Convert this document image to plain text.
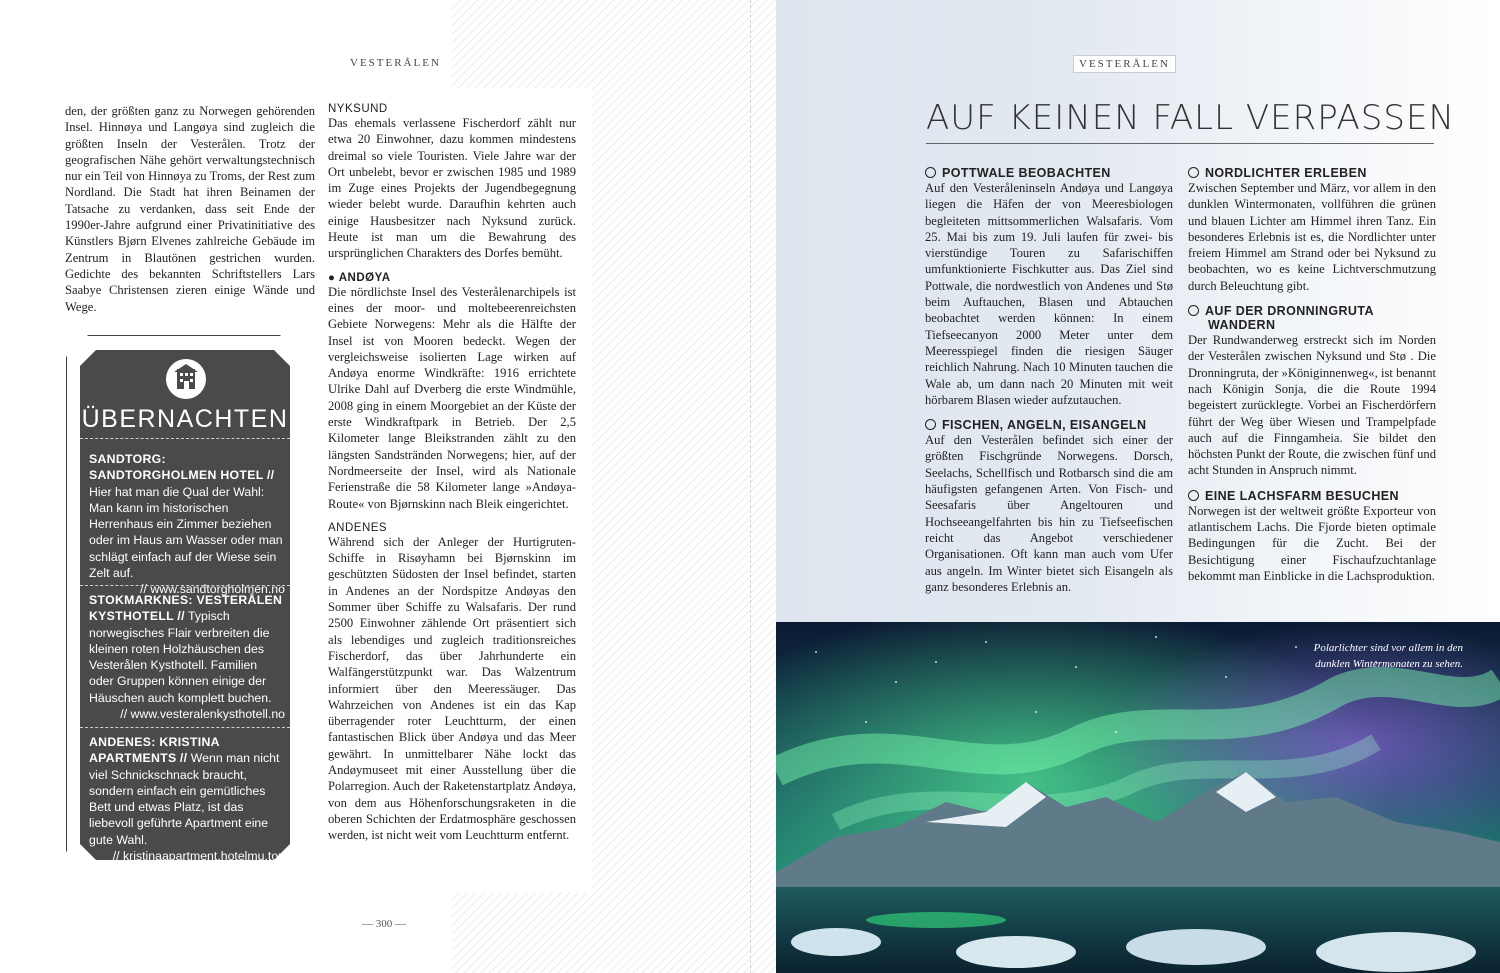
VESTERÅLEN

den, der größten ganz zu Norwegen gehörenden Insel. Hinnøya und Langøya sind zugleich die größten Inseln der Vesterålen. Trotz der geografischen Nähe gehört verwaltungstechnisch nur ein Teil von Hinnøya zu Troms, der Rest zum Nordland. Die Stadt hat ihren Beinamen der Tatsache zu verdanken, dass seit Ende der 1990er-Jahre aufgrund einer Privatinitiative des Künstlers Bjørn Elvenes zahlreiche Gebäude im Zentrum in Blautönen gestrichen wurden. Gedichte des bekannten Schriftstellers Lars Saabye Christensen zieren einige Wände und Wege.

NYKSUND

Das ehemals verlassene Fischerdorf zählt nur etwa 20 Einwohner, dazu kommen mindestens dreimal so viele Touristen. Viele Jahre war der Ort unbelebt, bevor er zwischen 1985 und 1989 im Zuge eines Projekts der Jugendbegegnung wieder belebt wurde. Daraufhin kehrten auch einige Hausbesitzer nach Nyksund zurück. Heute ist man um die Bewahrung des ursprünglichen Charakters des Dorfes bemüht.

● ANDØYA

Die nördlichste Insel des Vesterålenarchipels ist eines der moor- und moltebeerenreichsten Gebiete Norwegens: Mehr als die Hälfte der Insel ist von Mooren bedeckt. Wegen der vergleichsweise isolierten Lage wirken auf Andøya enorme Windkräfte: 1916 errichtete Ulrike Dahl auf Dverberg die erste Windmühle, 2008 ging in einem Moorgebiet an der Küste der erste Windkraftpark in Betrieb. Der 2,5 Kilometer lange Bleikstranden zählt zu den längsten Sandstränden Norwegens; hier, auf der Nordmeerseite der Insel, wird als Nationale Ferienstraße die 58 Kilometer lange »Andøya-Route« von Bjørnskinn nach Bleik eingerichtet.

ANDENES

Während sich der Anleger der Hurtigruten-Schiffe in Risøyhamn bei Bjørnskinn im geschützten Südosten der Insel befindet, starten in Andenes an der Nordspitze Andøyas den Sommer über Schiffe zu Walsafaris. Der rund 2500 Einwohner zählende Ort präsentiert sich als lebendiges und zugleich traditionsreiches Fischerdorf, das über Jahrhunderte ein Walfängerstützpunkt war. Das Walzentrum informiert über den Meeressäuger. Das Wahrzeichen von Andenes ist ein das Kap überragender roter Leuchtturm, der einen fantastischen Blick über Andøya und das Meer gewährt. In unmittelbarer Nähe lockt das Andøymuseet mit einer Ausstellung über die Polarregion. Auch der Raketenstartplatz Andøya, von dem aus Höhenforschungsraketen in die oberen Schichten der Erdatmosphäre geschossen werden, ist nicht weit vom Leuchtturm entfernt.

ÜBERNACHTEN
SANDTORG: SANDTORGHOLMEN HOTEL // Hier hat man die Qual der Wahl: Man kann im historischen Herrenhaus ein Zimmer beziehen oder im Haus am Wasser oder man schlägt einfach auf der Wiese sein Zelt auf.
// www.sandtorgholmen.no
STOKMARKNES: VESTERÅLEN KYSTHOTELL // Typisch norwegisches Flair verbreiten die kleinen roten Holzhäuschen des Vesterålen Kysthotell. Familien oder Gruppen können einige der Häuschen auch komplett buchen.
// www.vesteralenkysthotell.no
ANDENES: KRISTINA APARTMENTS // Wenn man nicht viel Schnickschnack braucht, sondern einfach ein gemütliches Bett und etwas Platz, ist das liebevoll geführte Apartment eine gute Wahl.
// kristinaapartment.hotelmu.top
— 300 —
VESTERÅLEN
AUF KEINEN FALL VERPASSEN

POTTWALE BEOBACHTEN

Auf den Vesteråleninseln Andøya und Langøya liegen die Häfen der von Meeresbiologen begleiteten mittsommerlichen Walsafaris. Vom 25. Mai bis zum 19. Juli laufen für zwei- bis vierstündige Touren zu Safarischiffen umfunktionierte Fischkutter aus. Das Ziel sind Pottwale, die nordwestlich von Andenes und Stø beim Auftauchen, Blasen und Abtauchen beobachtet werden können: In einem Tiefseecanyon 2000 Meter unter dem Meeresspiegel finden die riesigen Säuger reichlich Nahrung. Nach 10 Minuten tauchen die Wale ab, um dann nach 20 Minuten mit weit hörbarem Blasen wieder aufzutauchen.

FISCHEN, ANGELN, EISANGELN

Auf den Vesterålen befindet sich einer der größten Fischgründe Norwegens. Dorsch, Seelachs, Schellfisch und Rotbarsch sind die am häufigsten gefangenen Arten. Von Fisch- und Seesafaris über Angeltouren und Hochseeangelfahrten bis hin zu Tiefseefischen reicht das Angebot verschiedener Organisationen. Oft kann man auch vom Ufer aus angeln. Im Winter bietet sich Eisangeln als ganz besonderes Erlebnis an.

NORDLICHTER ERLEBEN

Zwischen September und März, vor allem in den dunklen Wintermonaten, vollführen die grünen und blauen Lichter am Himmel ihren Tanz. Ein besonderes Erlebnis ist es, die Nordlichter unter freiem Himmel am Strand oder bei Nyksund zu beobachten, wo es keine Lichtverschmutzung durch Beleuchtung gibt.

AUF DER DRONNINGRUTA WANDERN

Der Rundwanderweg erstreckt sich im Norden der Vesterålen zwischen Nyksund und Stø . Die Dronningruta, der »Königinnenweg«, ist benannt nach Königin Sonja, die die Route 1994 begeistert zurücklegte. Vorbei an Fischerdörfern führt der Weg über Wiesen und Trampelpfade auch auf die Finngamheia. Sie bildet den höchsten Punkt der Route, die zwischen fünf und acht Stunden in Anspruch nimmt.

EINE LACHSFARM BESUCHEN

Norwegen ist der weltweit größte Exporteur von atlantischem Lachs. Die Fjorde bieten optimale Bedingungen für die Zucht. Bei der Besichtigung einer Fischaufzuchtanlage bekommt man Einblicke in die Lachsproduktion.

Polarlichter sind vor allem in den dunklen Wintermonaten zu sehen.
